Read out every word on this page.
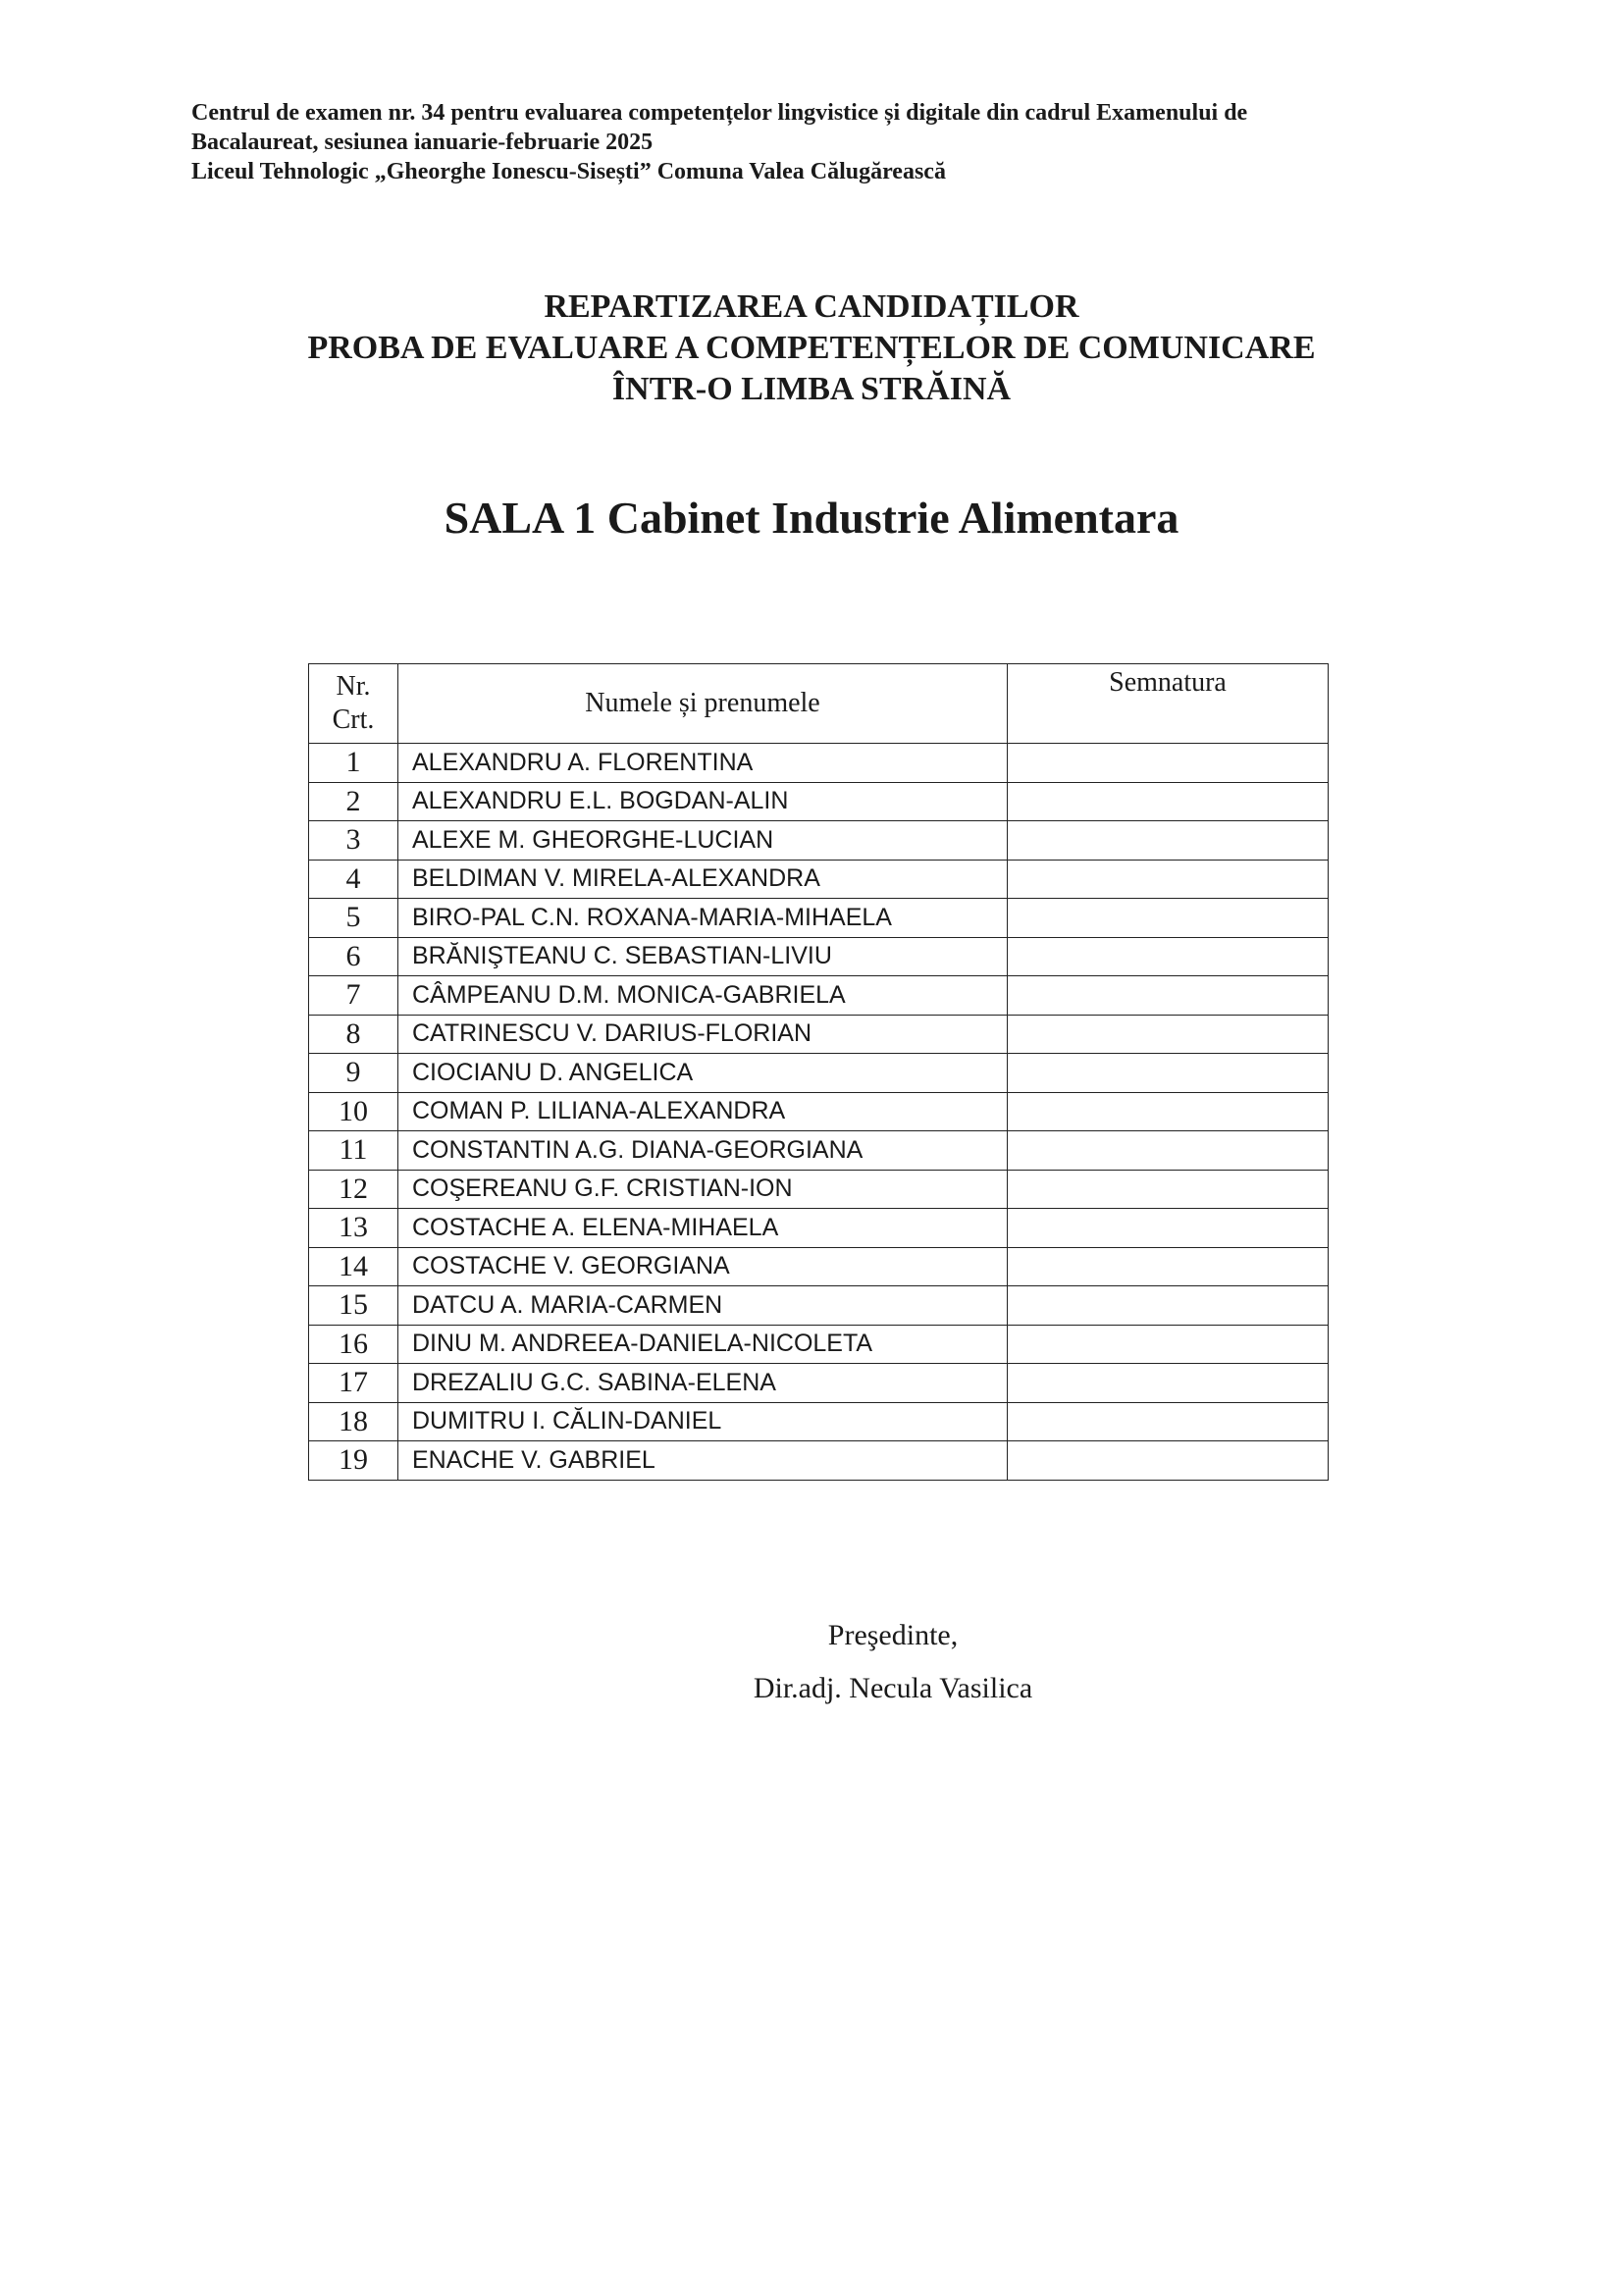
Centrul de examen nr. 34 pentru evaluarea competențelor lingvistice și digitale din cadrul Examenului de
Bacalaureat, sesiunea ianuarie-februarie 2025
Liceul Tehnologic „Gheorghe Ionescu-Sisești” Comuna Valea Călugărească
REPARTIZAREA CANDIDAȚILOR
PROBA DE EVALUARE A COMPETENȚELOR DE COMUNICARE
ÎNTR-O LIMBA STRĂINĂ
SALA 1 Cabinet Industrie Alimentara
Nr.
Crt.	Numele și prenumele	Semnatura
1	ALEXANDRU A. FLORENTINA	
2	ALEXANDRU E.L. BOGDAN-ALIN	
3	ALEXE M. GHEORGHE-LUCIAN	
4	BELDIMAN V. MIRELA-ALEXANDRA	
5	BIRO-PAL C.N. ROXANA-MARIA-MIHAELA	
6	BRĂNIŞTEANU C. SEBASTIAN-LIVIU	
7	CÂMPEANU D.M. MONICA-GABRIELA	
8	CATRINESCU V. DARIUS-FLORIAN	
9	CIOCIANU D. ANGELICA	
10	COMAN P. LILIANA-ALEXANDRA	
11	CONSTANTIN A.G. DIANA-GEORGIANA	
12	COŞEREANU G.F. CRISTIAN-ION	
13	COSTACHE A. ELENA-MIHAELA	
14	COSTACHE V. GEORGIANA	
15	DATCU A. MARIA-CARMEN	
16	DINU M. ANDREEA-DANIELA-NICOLETA	
17	DREZALIU G.C. SABINA-ELENA	
18	DUMITRU I. CĂLIN-DANIEL	
19	ENACHE V. GABRIEL	
Preşedinte,
Dir.adj. Necula Vasilica
